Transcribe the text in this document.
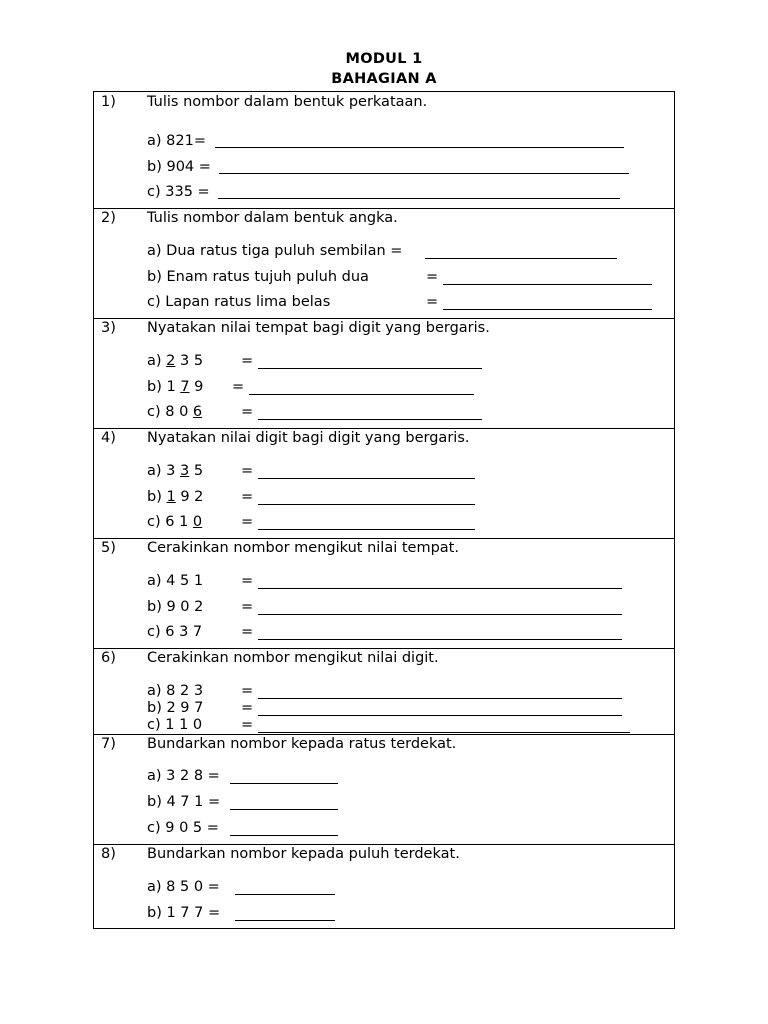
MODUL 1
BAHAGIAN A
1) Tulis nombor dalam bentuk perkataan.
a) 821=
b) 904 =
c) 335 =
2) Tulis nombor dalam bentuk angka.
a) Dua ratus tiga puluh sembilan =
b) Enam ratus tujuh puluh dua	=
c) Lapan ratus lima belas	=
3) Nyatakan nilai tempat bagi digit yang bergaris.
a) 2 3 5	=
b) 1 7 9 =
c) 8 0 6	=
4) Nyatakan nilai digit bagi digit yang bergaris.
a) 3 3 5	=
b) 1 9 2	=
c) 6 1 0	=
5) Cerakinkan nombor mengikut nilai tempat.
a) 4 5 1	=
b) 9 0 2	=
c) 6 3 7	=
6) Cerakinkan nombor mengikut nilai digit.
a) 8 2 3	=
b) 2 9 7	=
c) 1 1 0	=
7) Bundarkan nombor kepada ratus terdekat.
a) 3 2 8 =
b) 4 7 1 =
c) 9 0 5 =
8) Bundarkan nombor kepada puluh terdekat.
a) 8 5 0 =
b) 1 7 7 =
